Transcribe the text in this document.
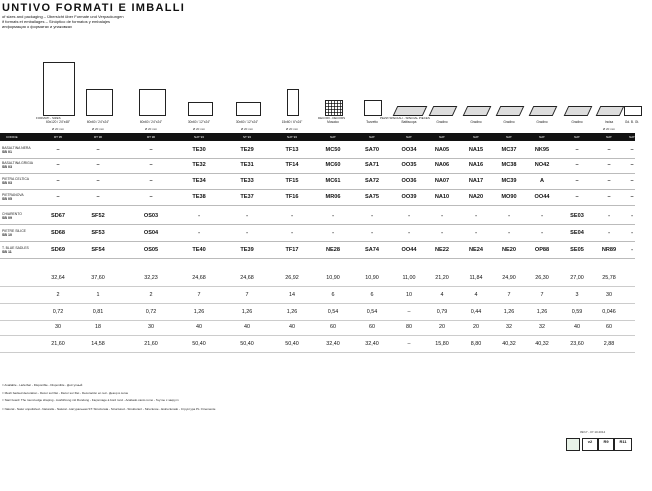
UNTIVO FORMATI E IMBALLI
of sizes and packaging – Übersicht über Formate und Verpackungen
if formats et emballages – Sinóptico de formatos y embalajes
информация о форматах и упаковках
60x120 / 24"x48"	60x60 / 24"x24"	60x60 / 24"x24"	30x60 / 12"x24"	30x60 / 12"x24"	15x60 / 6"x24"	Mosaico	Tozzetto	Battiscopa	Gradino	Gradino	Gradino	Gradino	Gradino	Incisa	Gd. B. Gt.
FORMATI - SIZES	DECORI - DECORS	PEZZI SPECIALI - SPECIAL PIECES
Ø 20 mm	Ø 20 mm	Ø 20 mm	Ø 20 mm	Ø 20 mm	Ø 20 mm	Ø 20 mm
CODICE	RT 95	RT 96	RT 96	NAT 93	ST 93	NAT 93	NAT	NAT	NAT	NAT	NAT	NAT	NAT	NAT	NAT	NAT
BASALTINA NERA
SB 01	–	–	–	TE30	TE29	TF13	MC50	SA70	OO34	NA05	NA15	MC37	NK95	–	–	–
BASALTINA GRIGIA
SB 03	–	–	–	TE32	TE31	TF14	MC60	SA71	OO35	NA06	NA16	MC38	NO42	–	–	–
PIETRA CELTICA
SB 03	–	–	–	TE34	TE33	TF15	MC61	SA72	OO36	NA07	NA17	MC39	A	–	–	–
PIETRANOVA
SB 05	–	–	–	TE38	TE37	TF16	MR06	SA75	OO39	NA10	NA20	MO90	OO44	–	–	–
CHIARENTO
SB 09	SD67	SF52	OS03	-	-	-	-	-	-	-	-	-	-	SE03	-	-
PIETRE SILICE
SB 10	SD68	SF53	OS04	-	-	-	-	-	-	-	-	-	-	SE04	-	-
T. BLUE SADLES
SB 11	SD69	SF54	OS05	TE40	TE39	TF17	NE28	SA74	OO44	NE22	NE24	NE20	OP88	SE05	NR89	-
32,64	37,60	32,23	24,68	24,68	26,92	10,90	10,90	11,00	21,20	11,84	24,90	26,30	27,00	25,78
2	1	2	7	7	14	6	6	10	4	4	7	7	3	30
0,72	0,81	0,72	1,26	1,26	1,26	0,54	0,54	–	0,79	0,44	1,26	1,26	0,59	0,046
30	18	30	40	40	40	60	60	80	20	20	32	32	40	60
21,60	14,58	21,60	50,40	50,40	50,40	32,40	32,40	–	15,80	8,80	40,32	40,32	23,60	2,88
= Available - Lieferbar - Disponible - Disponible - Доступный
= Mesh backed decoration - Décor sul filet - Décor sur filet - Decoración en red - Декор в сетке
= Stair board: The round edge shaping - Ausführung mit Rundung - Façonnage à bord rond - Acabado canto romo - Гнутое с закругл
= Natural - Natur unpolished - Naturelle - Natural - Натуральная ST: Structurata - Structured - Strukturiert - Structurée - Estructurado - Структура PL: Finemente
09/17 - 07.10.2014
v2	R9	R11
